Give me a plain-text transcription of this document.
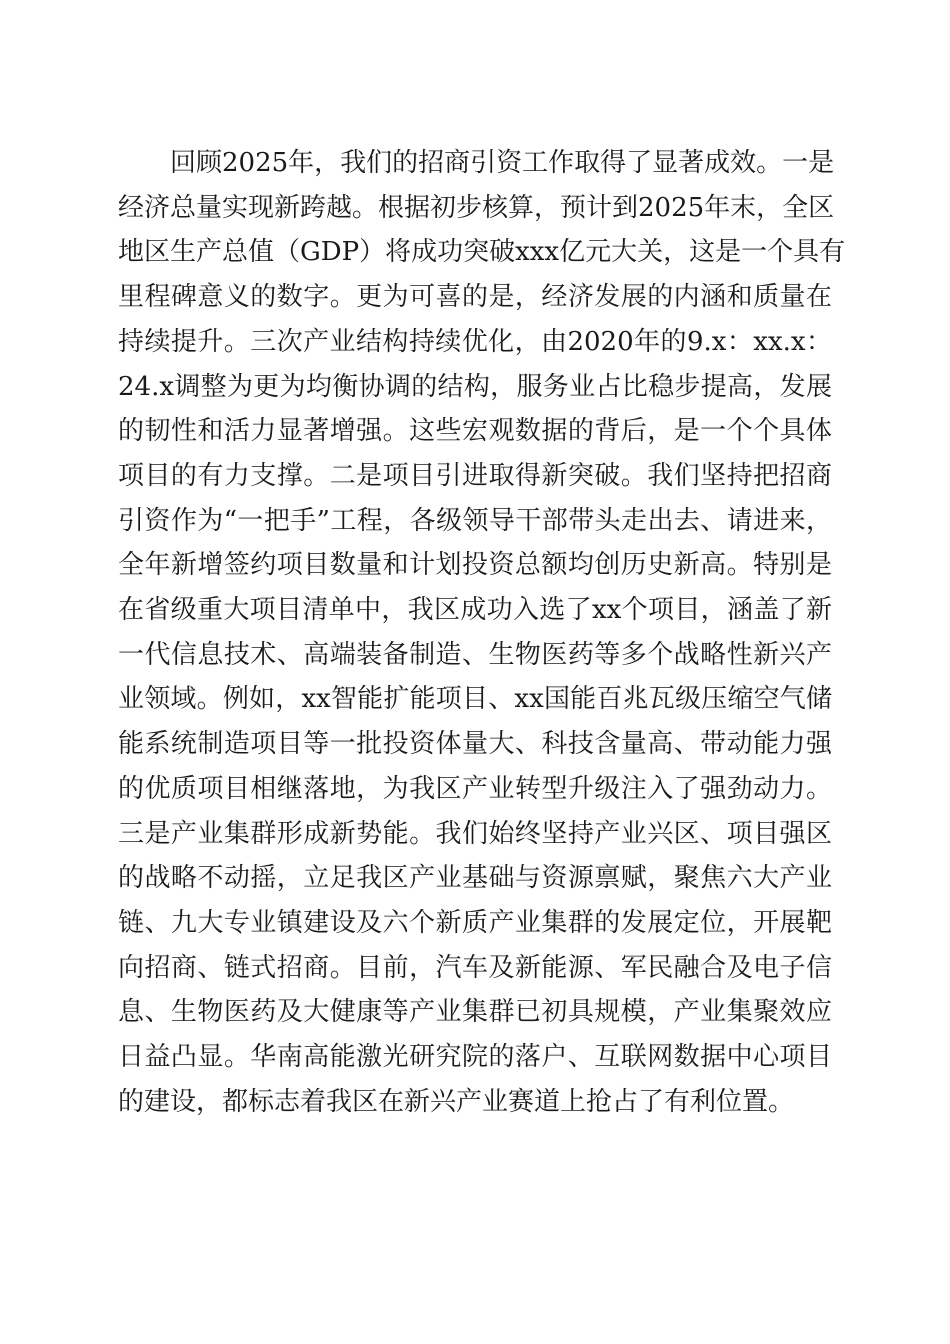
　　回顾2025年，我们的招商引资工作取得了显著成效。一是
经济总量实现新跨越。根据初步核算，预计到2025年末，全区
地区生产总值（GDP）将成功突破xxx亿元大关，这是一个具有
里程碑意义的数字。更为可喜的是，经济发展的内涵和质量在
持续提升。三次产业结构持续优化，由2020年的9.x：xx.x：
24.x调整为更为均衡协调的结构，服务业占比稳步提高，发展
的韧性和活力显著增强。这些宏观数据的背后，是一个个具体
项目的有力支撑。二是项目引进取得新突破。我们坚持把招商
引资作为“一把手”工程，各级领导干部带头走出去、请进来，
全年新增签约项目数量和计划投资总额均创历史新高。特别是
在省级重大项目清单中，我区成功入选了xx个项目，涵盖了新
一代信息技术、高端装备制造、生物医药等多个战略性新兴产
业领域。例如，xx智能扩能项目、xx国能百兆瓦级压缩空气储
能系统制造项目等一批投资体量大、科技含量高、带动能力强
的优质项目相继落地，为我区产业转型升级注入了强劲动力。
三是产业集群形成新势能。我们始终坚持产业兴区、项目强区
的战略不动摇，立足我区产业基础与资源禀赋，聚焦六大产业
链、九大专业镇建设及六个新质产业集群的发展定位，开展靶
向招商、链式招商。目前，汽车及新能源、军民融合及电子信
息、生物医药及大健康等产业集群已初具规模，产业集聚效应
日益凸显。华南高能激光研究院的落户、互联网数据中心项目
的建设，都标志着我区在新兴产业赛道上抢占了有利位置。
